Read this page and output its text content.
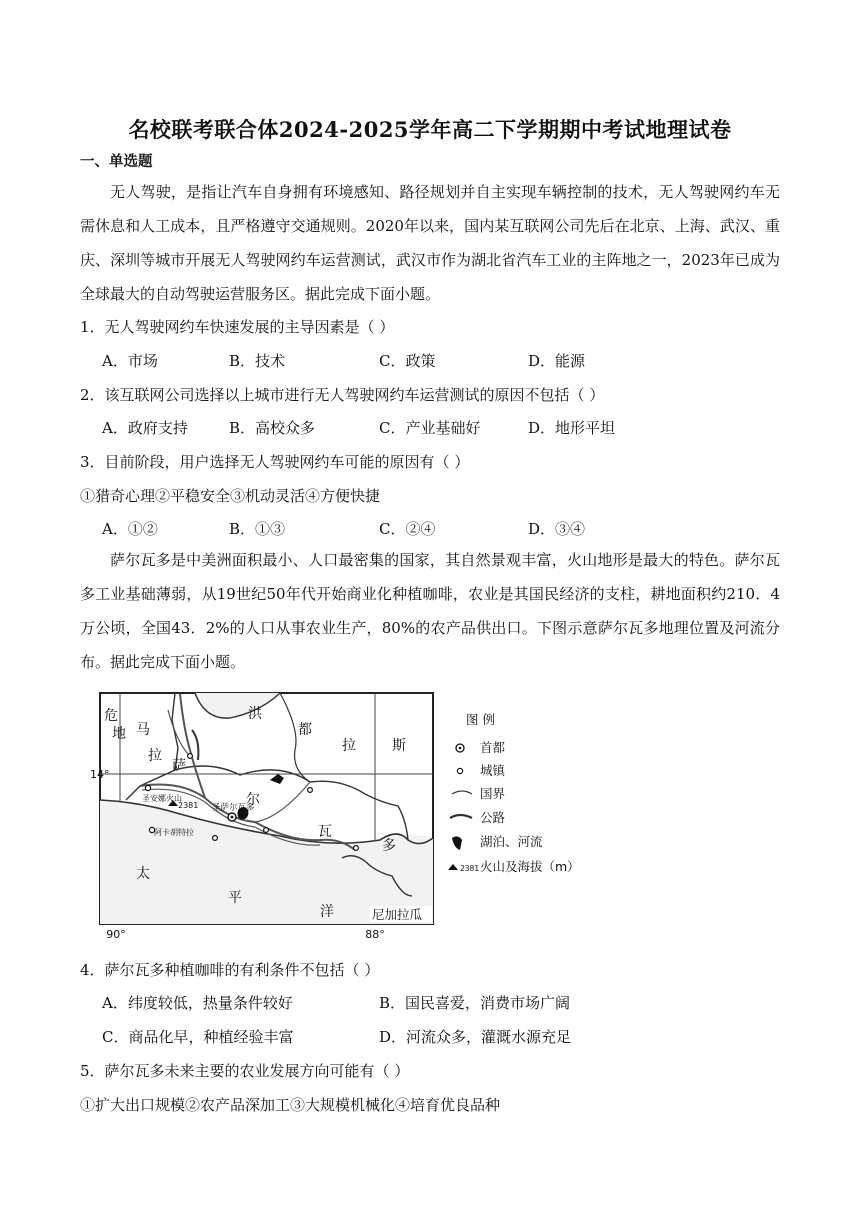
名校联考联合体2024-2025学年高二下学期期中考试地理试卷
一、单选题
无人驾驶，是指让汽车自身拥有环境感知、路径规划并自主实现车辆控制的技术，无人驾驶网约车无需休息和人工成本，且严格遵守交通规则。2020年以来，国内某互联网公司先后在北京、上海、武汉、重庆、深圳等城市开展无人驾驶网约车运营测试，武汉市作为湖北省汽车工业的主阵地之一，2023年已成为全球最大的自动驾驶运营服务区。据此完成下面小题。
1．无人驾驶网约车快速发展的主导因素是（ ）
A．市场	B．技术	C．政策	D．能源
2．该互联网公司选择以上城市进行无人驾驶网约车运营测试的原因不包括（ ）
A．政府支持	B．高校众多	C．产业基础好	D．地形平坦
3．目前阶段，用户选择无人驾驶网约车可能的原因有（ ）
①猎奇心理②平稳安全③机动灵活④方便快捷
A．①②	B．①③	C．②④	D．③④
萨尔瓦多是中美洲面积最小、人口最密集的国家，其自然景观丰富，火山地形是最大的特色。萨尔瓦多工业基础薄弱，从19世纪50年代开始商业化种植咖啡，农业是其国民经济的支柱，耕地面积约210．4万公顷，全国43．2%的人口从事农业生产，80%的农产品供出口。下图示意萨尔瓦多地理位置及河流分布。据此完成下面小题。
14°
90°	88°
危
地 马
拉
洪
都
拉	斯
萨
尔
瓦
多
太
平
洋	尼加拉瓜
圣萨尔瓦多
圣安娜火山
2381
阿卡胡特拉
图 例
首都
城镇
国界
公路
湖泊、河流
2381 火山及海拔（m）
4．萨尔瓦多种植咖啡的有利条件不包括（ ）
A．纬度较低，热量条件较好	B．国民喜爱，消费市场广阔
C．商品化早，种植经验丰富	D．河流众多，灌溉水源充足
5．萨尔瓦多未来主要的农业发展方向可能有（ ）
①扩大出口规模②农产品深加工③大规模机械化④培育优良品种
